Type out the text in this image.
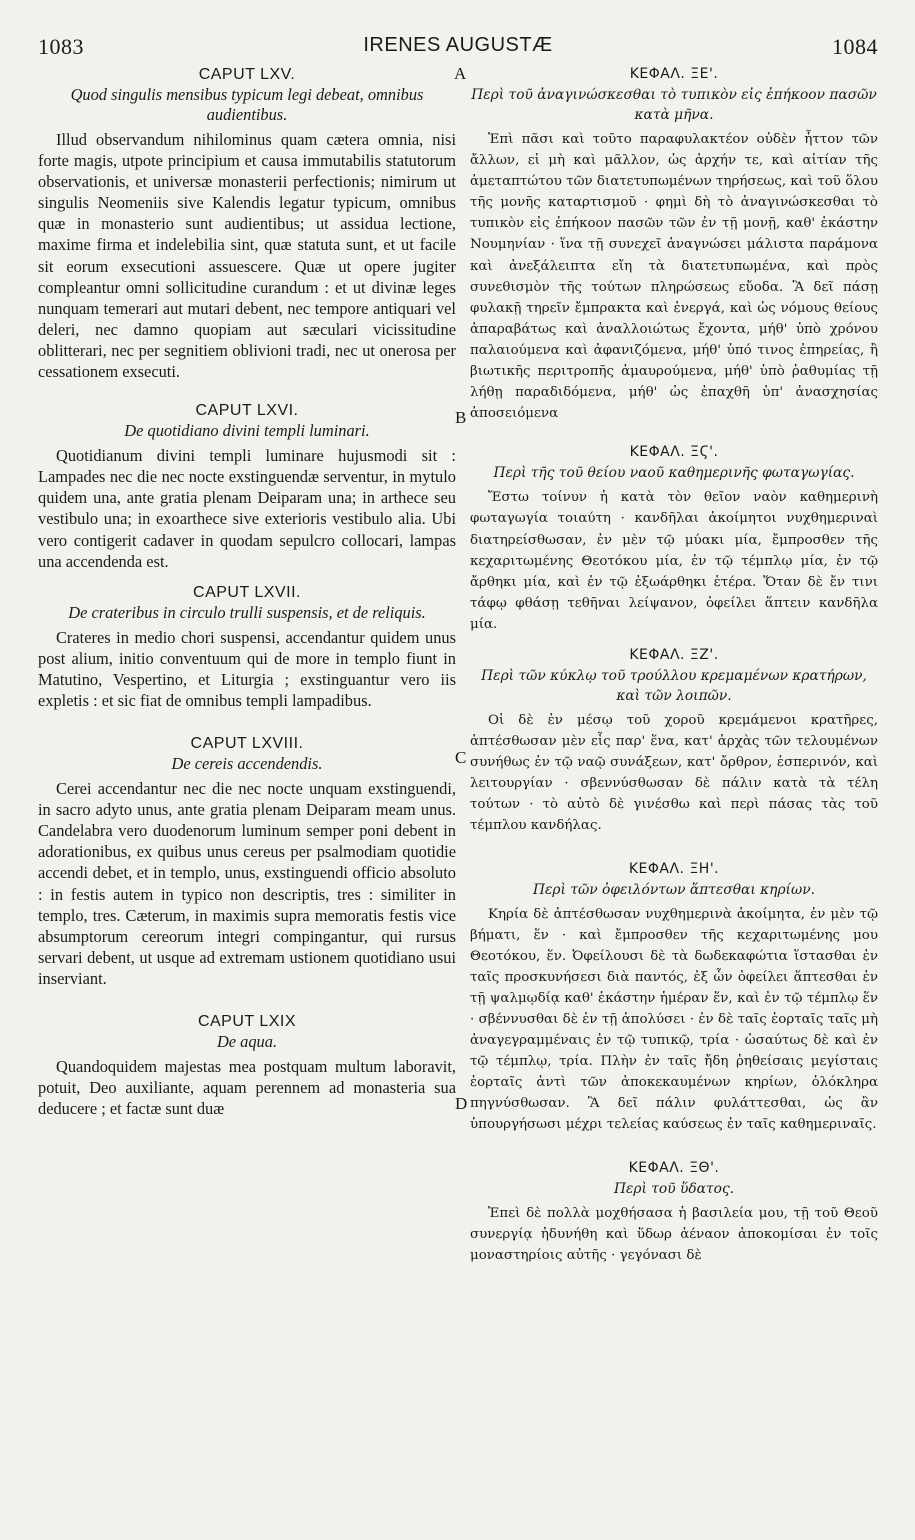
1083	IRENES AUGUSTÆ	1084
A
B
C
D
CAPUT LXV.
Quod singulis mensibus typicum legi debeat, omnibus audientibus.

Illud observandum nihilominus quam cætera omnia, nisi forte magis, utpote principium et causa immutabilis statutorum observationis, et universæ monasterii perfectionis; nimirum ut singulis Neomeniis sive Kalendis legatur typicum, omnibus quæ in monasterio sunt audientibus; ut assidua lectione, maxime firma et indelebilia sint, quæ statuta sunt, et ut facile sit eorum exsecutioni assuescere. Quæ ut opere jugiter compleantur omni sollicitudine curandum : et ut divinæ leges nunquam temerari aut mutari debent, nec tempore antiquari vel deleri, nec damno quopiam aut sæculari vicissitudine oblitterari, nec per segnitiem oblivioni tradi, nec ut onerosa per cessationem exsecuti.

CAPUT LXVI.
De quotidiano divini templi luminari.

Quotidianum divini templi luminare hujusmodi sit : Lampades nec die nec nocte exstinguendæ serventur, in mytulo quidem una, ante gratia plenam Deiparam una; in arthece seu vestibulo una; in exoarthece sive exterioris vestibulo alia. Ubi vero contigerit cadaver in quodam sepulcro collocari, lampas una accendenda est.

CAPUT LXVII.
De crateribus in circulo trulli suspensis, et de reliquis.

Crateres in medio chori suspensi, accendantur quidem unus post alium, initio conventuum qui de more in templo fiunt in Matutino, Vespertino, et Liturgia ; exstinguantur vero iis expletis : et sic fiat de omnibus templi lampadibus.

CAPUT LXVIII.
De cereis accendendis.

Cerei accendantur nec die nec nocte unquam exstinguendi, in sacro adyto unus, ante gratia plenam Deiparam meam unus. Candelabra vero duodenorum luminum semper poni debent in adorationibus, ex quibus unus cereus per psalmodiam quotidie accendi debet, et in templo, unus, exstinguendi officio absoluto : in festis autem in typico non descriptis, tres : similiter in templo, tres. Cæterum, in maximis supra memoratis festis vice absumptorum cereorum integri compingantur, qui rursus servari debent, ut usque ad extremam ustionem quotidiano usui inserviant.

CAPUT LXIX
De aqua.

Quandoquidem majestas mea postquam multum laboravit, potuit, Deo auxiliante, aquam perennem ad monasteria sua deducere ; et factæ sunt duæ

ΚΕΦΑΛ. ΞΕ'.
Περὶ τοῦ ἀναγινώσκεσθαι τὸ τυπικὸν εἰς ἐπήκοον πασῶν κατὰ μῆνα.

Ἐπὶ πᾶσι καὶ τοῦτο παραφυλακτέον οὐδὲν ἧττον τῶν ἄλλων, εἰ μὴ καὶ μᾶλλον, ὡς ἀρχήν τε, καὶ αἰτίαν τῆς ἀμεταπτώτου τῶν διατετυπωμένων τηρήσεως, καὶ τοῦ ὅλου τῆς μονῆς καταρτισμοῦ · φημὶ δὴ τὸ ἀναγινώσκεσθαι τὸ τυπικὸν εἰς ἐπήκοον πασῶν τῶν ἐν τῇ μονῇ, καθ' ἑκάστην Νουμηνίαν · ἵνα τῇ συνεχεῖ ἀναγνώσει μάλιστα παράμονα καὶ ἀνεξάλειπτα εἴη τὰ διατετυπωμένα, καὶ πρὸς συνεθισμὸν τῆς τούτων πληρώσεως εὔοδα. Ἃ δεῖ πάσῃ φυλακῇ τηρεῖν ἔμπρακτα καὶ ἐνεργά, καὶ ὡς νόμους θείους ἀπαραβάτως καὶ ἀναλλοιώτως ἔχοντα, μήθ' ὑπὸ χρόνου παλαιούμενα καὶ ἀφανιζόμενα, μήθ' ὑπό τινος ἐπηρείας, ἢ βιωτικῆς περιτροπῆς ἀμαυρούμενα, μήθ' ὑπὸ ῥαθυμίας τῇ λήθῃ παραδιδόμενα, μήθ' ὡς ἐπαχθῆ ὑπ' ἀνασχησίας ἀποσειόμενα

ΚΕΦΑΛ. ΞϚ'.
Περὶ τῆς τοῦ θείου ναοῦ καθημερινῆς φωταγωγίας.

Ἔστω τοίνυν ἡ κατὰ τὸν θεῖον ναὸν καθημερινὴ φωταγωγία τοιαύτη · κανδῆλαι ἀκοίμητοι νυχθημεριναὶ διατηρείσθωσαν, ἐν μὲν τῷ μύακι μία, ἔμπροσθεν τῆς κεχαριτωμένης Θεοτόκου μία, ἐν τῷ τέμπλῳ μία, ἐν τῷ ἄρθηκι μία, καὶ ἐν τῷ ἐξωάρθηκι ἑτέρα. Ὅταν δὲ ἔν τινι τάφῳ φθάσῃ τεθῆναι λείψανον, ὀφείλει ἅπτειν κανδῆλα μία.

ΚΕΦΑΛ. ΞΖ'.
Περὶ τῶν κύκλῳ τοῦ τρούλλου κρεμαμένων κρατήρων, καὶ τῶν λοιπῶν.

Οἱ δὲ ἐν μέσῳ τοῦ χοροῦ κρεμάμενοι κρατῆρες, ἁπτέσθωσαν μὲν εἷς παρ' ἕνα, κατ' ἀρχὰς τῶν τελουμένων συνήθως ἐν τῷ ναῷ συνάξεων, κατ' ὄρθρον, ἑσπερινόν, καὶ λειτουργίαν · σβεννύσθωσαν δὲ πάλιν κατὰ τὰ τέλη τούτων · τὸ αὐτὸ δὲ γινέσθω καὶ περὶ πάσας τὰς τοῦ τέμπλου κανδήλας.

ΚΕΦΑΛ. ΞΗ'.
Περὶ τῶν ὀφειλόντων ἅπτεσθαι κηρίων.

Κηρία δὲ ἁπτέσθωσαν νυχθημερινὰ ἀκοίμητα, ἐν μὲν τῷ βήματι, ἕν · καὶ ἔμπροσθεν τῆς κεχαριτωμένης μου Θεοτόκου, ἕν. Ὀφείλουσι δὲ τὰ δωδεκαφώτια ἵστασθαι ἐν ταῖς προσκυνήσεσι διὰ παντός, ἐξ ὧν ὀφείλει ἅπτεσθαι ἐν τῇ ψαλμῳδίᾳ καθ' ἑκάστην ἡμέραν ἕν, καὶ ἐν τῷ τέμπλῳ ἕν · σβέννυσθαι δὲ ἐν τῇ ἀπολύσει · ἐν δὲ ταῖς ἑορταῖς ταῖς μὴ ἀναγεγραμμέναις ἐν τῷ τυπικῷ, τρία · ὡσαύτως δὲ καὶ ἐν τῷ τέμπλῳ, τρία. Πλὴν ἐν ταῖς ἤδη ῥηθείσαις μεγίσταις ἑορταῖς ἀντὶ τῶν ἀποκεκαυμένων κηρίων, ὁλόκληρα πηγνύσθωσαν. Ἃ δεῖ πάλιν φυλάττεσθαι, ὡς ἂν ὑπουργήσωσι μέχρι τελείας καύσεως ἐν ταῖς καθημεριναῖς.

ΚΕΦΑΛ. ΞΘ'.
Περὶ τοῦ ὕδατος.

Ἐπεὶ δὲ πολλὰ μοχθήσασα ἡ βασιλεία μου, τῇ τοῦ Θεοῦ συνεργίᾳ ἠδυνήθη καὶ ὕδωρ ἀέναον ἀποκομίσαι ἐν τοῖς μοναστηρίοις αὐτῆς · γεγόνασι δὲ
